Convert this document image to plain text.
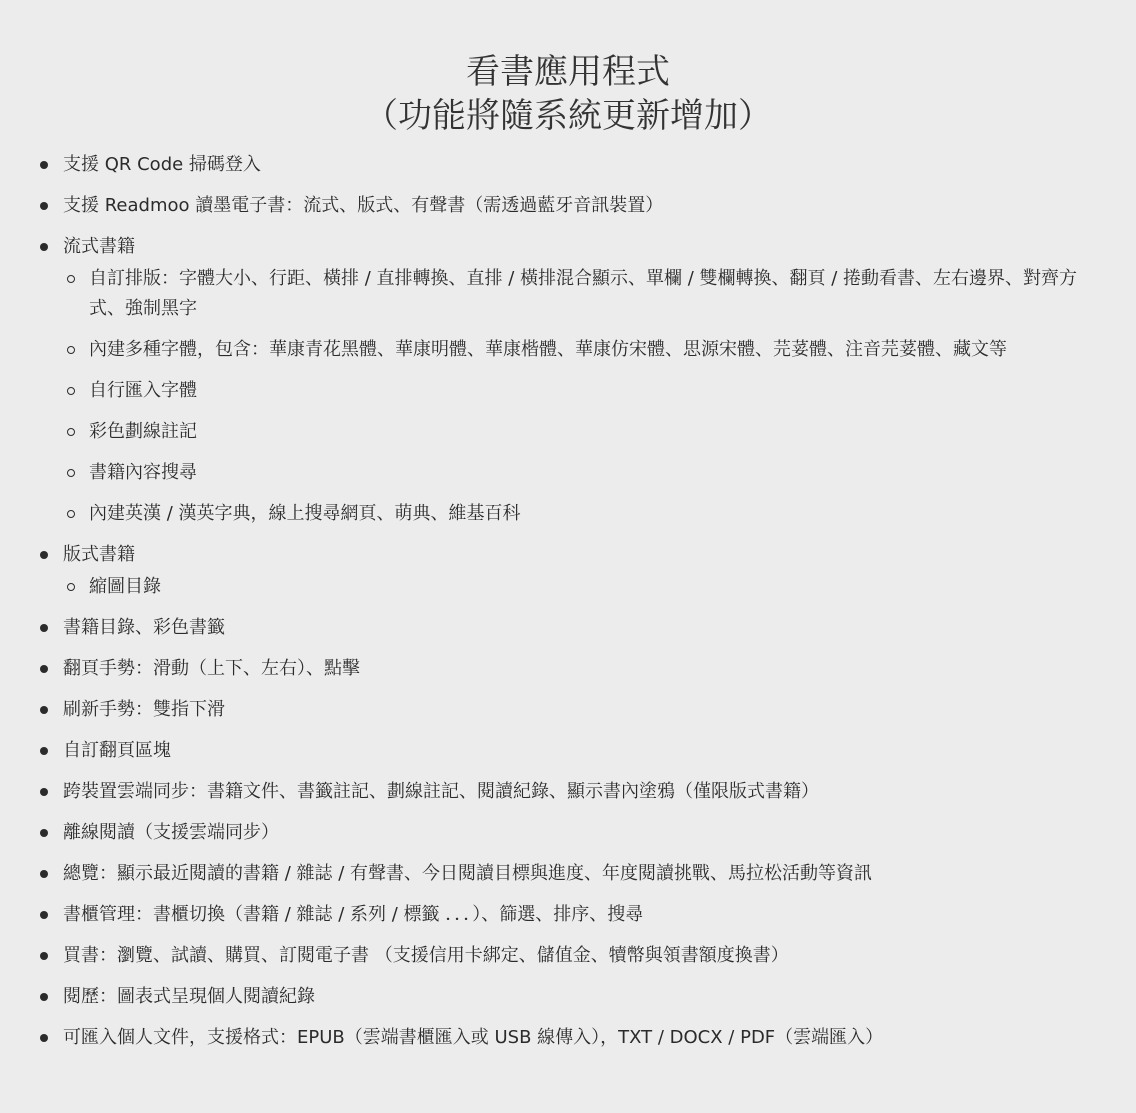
看書應用程式
（功能將隨系統更新增加）
支援 QR Code 掃碼登入
支援 Readmoo 讀墨電子書：流式、版式、有聲書（需透過藍牙音訊裝置）
流式書籍
自訂排版：字體大小、行距、橫排 / 直排轉換、直排 / 橫排混合顯示、單欄 / 雙欄轉換、翻頁 / 捲動看書、左右邊界、對齊方式、強制黑字
內建多種字體，包含：華康青花黑體、華康明體、華康楷體、華康仿宋體、思源宋體、芫荽體、注音芫荽體、藏文等
自行匯入字體
彩色劃線註記
書籍內容搜尋
內建英漢 / 漢英字典，線上搜尋網頁、萌典、維基百科
版式書籍
縮圖目錄
書籍目錄、彩色書籤
翻頁手勢：滑動（上下、左右）、點擊
刷新手勢：雙指下滑
自訂翻頁區塊
跨裝置雲端同步：書籍文件、書籤註記、劃線註記、閱讀紀錄、顯示書內塗鴉（僅限版式書籍）
離線閱讀（支援雲端同步）
總覽：顯示最近閱讀的書籍 / 雜誌 / 有聲書、今日閱讀目標與進度、年度閱讀挑戰、馬拉松活動等資訊
書櫃管理：書櫃切換（書籍 / 雜誌 / 系列 / 標籤 ．．．）、篩選、排序、搜尋
買書：瀏覽、試讀、購買、訂閱電子書 （支援信用卡綁定、儲值金、犢幣與領書額度換書）
閱歷：圖表式呈現個人閱讀紀錄
可匯入個人文件，支援格式：EPUB（雲端書櫃匯入或 USB 線傳入），TXT / DOCX / PDF（雲端匯入）
